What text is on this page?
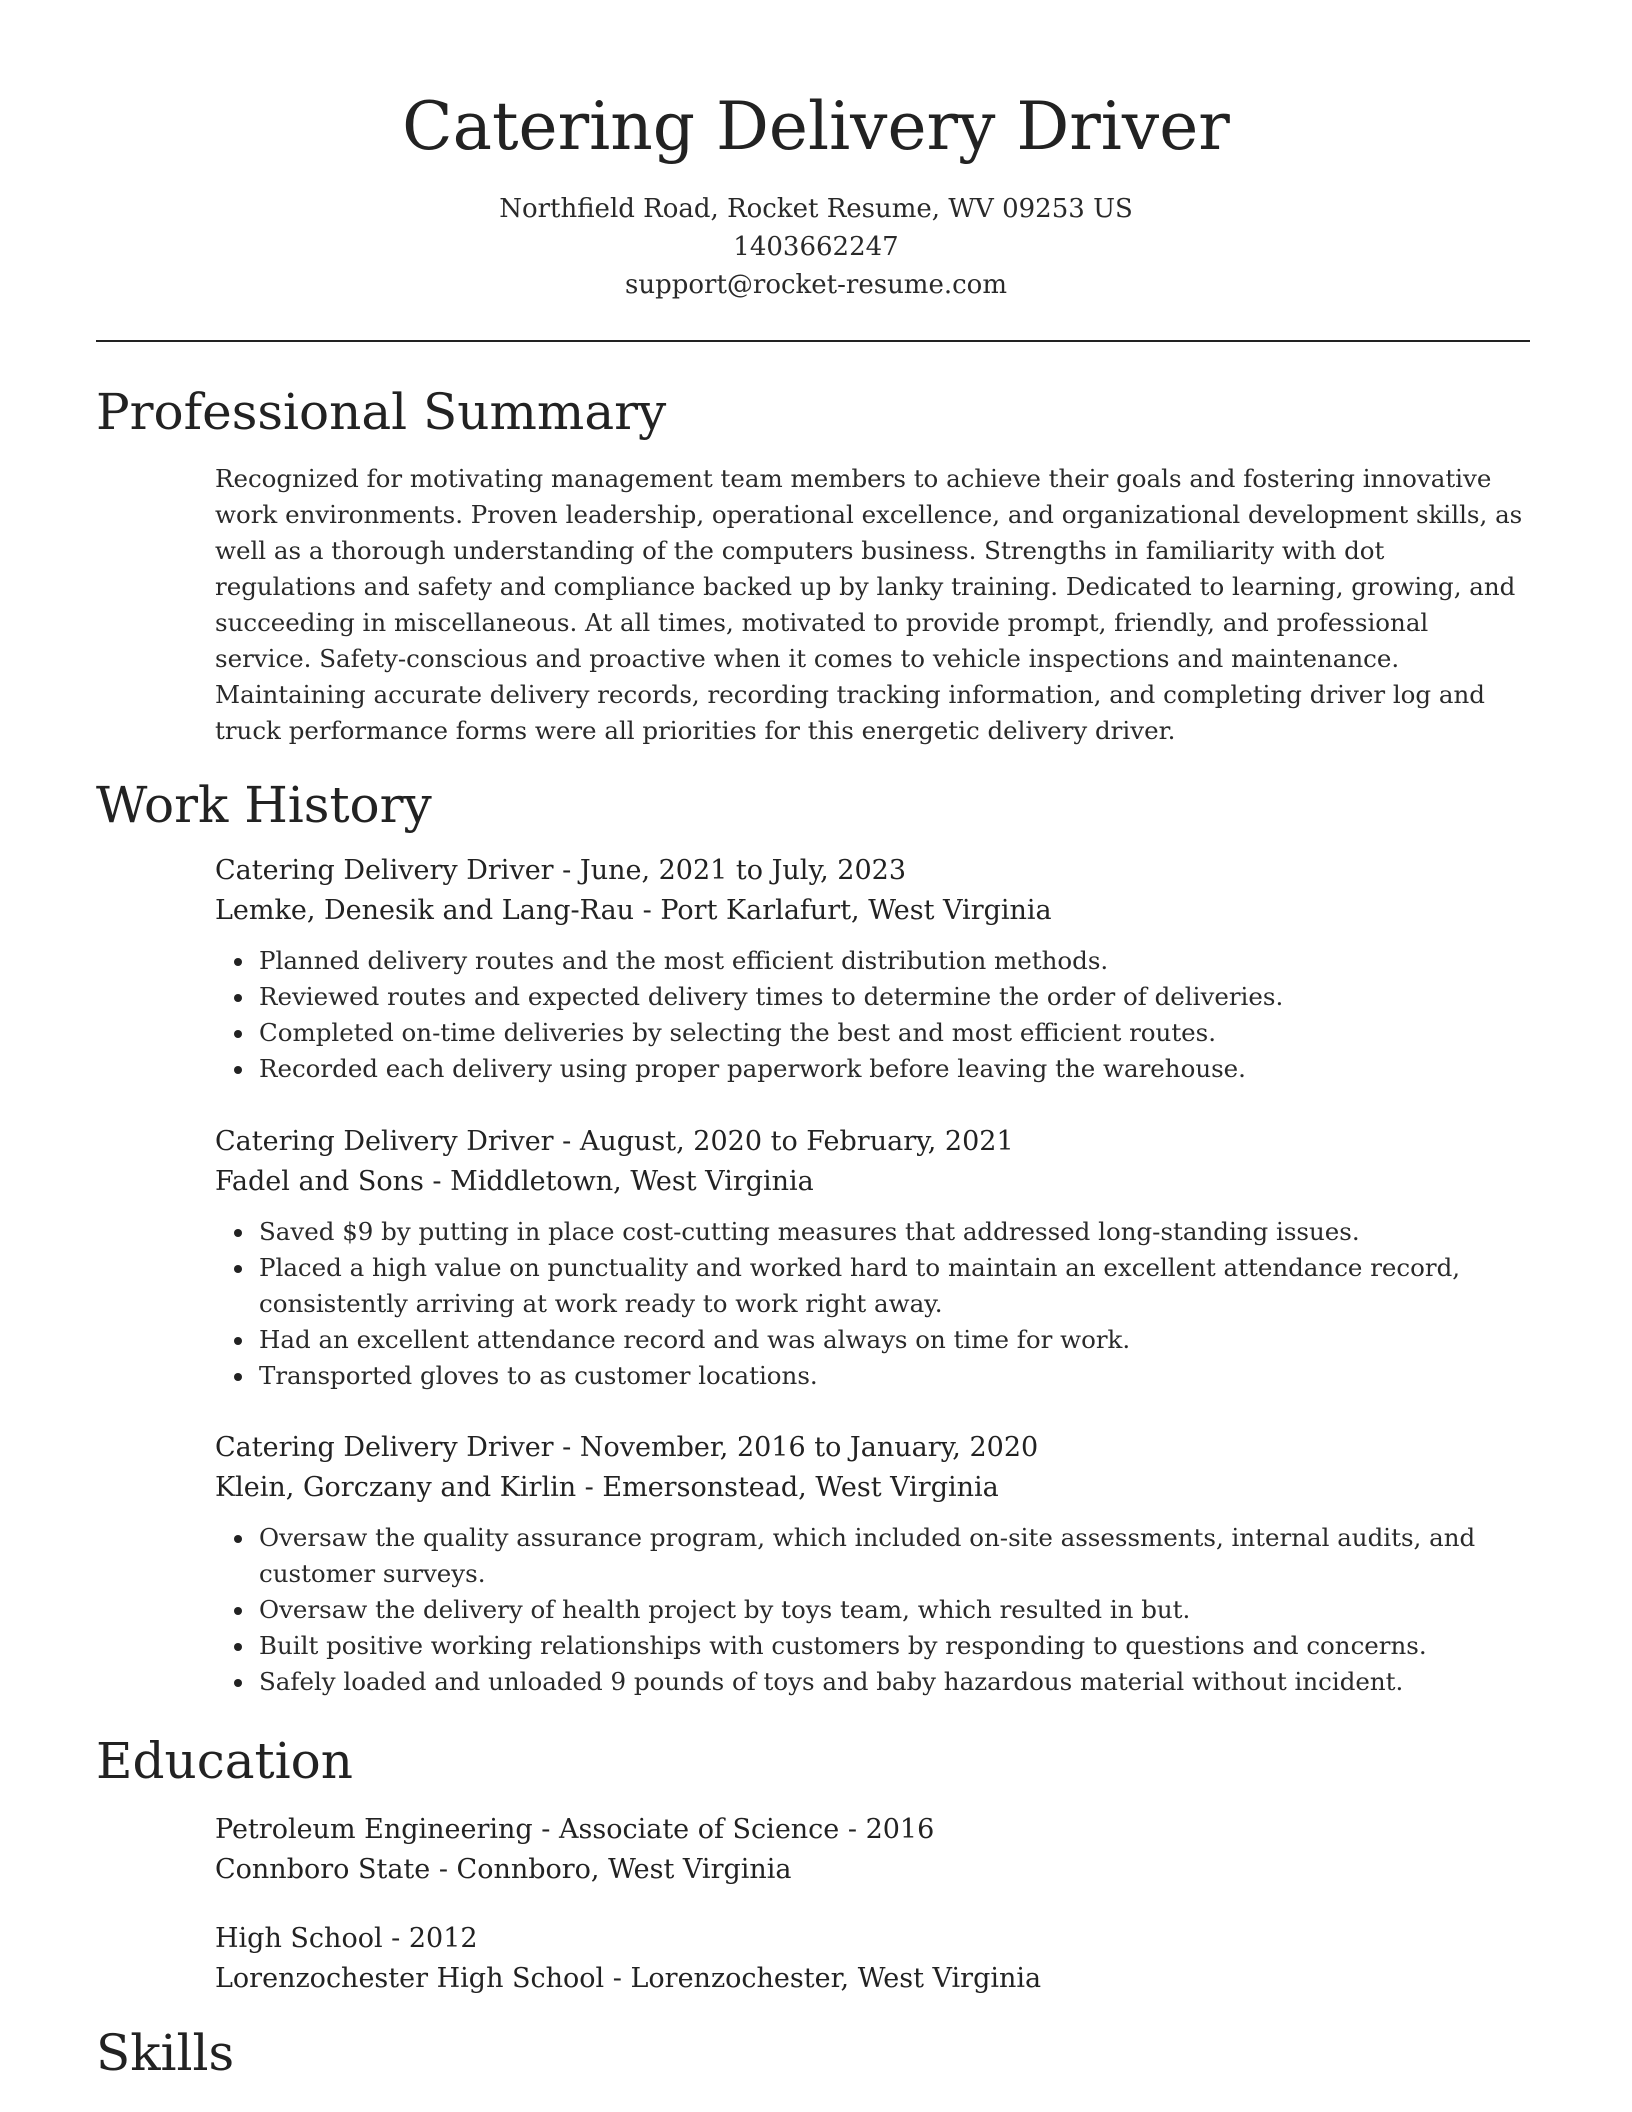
Catering Delivery Driver
Northfield Road, Rocket Resume, WV 09253 US
1403662247
support@rocket-resume.com
Professional Summary

Recognized for motivating management team members to achieve their goals and fostering innovative work environments. Proven leadership, operational excellence, and organizational development skills, as well as a thorough understanding of the computers business. Strengths in familiarity with dot regulations and safety and compliance backed up by lanky training. Dedicated to learning, growing, and succeeding in miscellaneous. At all times, motivated to provide prompt, friendly, and professional service. Safety-conscious and proactive when it comes to vehicle inspections and maintenance. Maintaining accurate delivery records, recording tracking information, and completing driver log and truck performance forms were all priorities for this energetic delivery driver.

Work History
Catering Delivery Driver - June, 2021 to July, 2023
Lemke, Denesik and Lang-Rau - Port Karlafurt, West Virginia
Planned delivery routes and the most efficient distribution methods.
Reviewed routes and expected delivery times to determine the order of deliveries.
Completed on-time deliveries by selecting the best and most efficient routes.
Recorded each delivery using proper paperwork before leaving the warehouse.
Catering Delivery Driver - August, 2020 to February, 2021
Fadel and Sons - Middletown, West Virginia
Saved $9 by putting in place cost-cutting measures that addressed long-standing issues.
Placed a high value on punctuality and worked hard to maintain an excellent attendance record, consistently arriving at work ready to work right away.
Had an excellent attendance record and was always on time for work.
Transported gloves to as customer locations.
Catering Delivery Driver - November, 2016 to January, 2020
Klein, Gorczany and Kirlin - Emersonstead, West Virginia
Oversaw the quality assurance program, which included on-site assessments, internal audits, and customer surveys.
Oversaw the delivery of health project by toys team, which resulted in but.
Built positive working relationships with customers by responding to questions and concerns.
Safely loaded and unloaded 9 pounds of toys and baby hazardous material without incident.
Education
Petroleum Engineering - Associate of Science - 2016
Connboro State - Connboro, West Virginia
High School - 2012
Lorenzochester High School - Lorenzochester, West Virginia
Skills
